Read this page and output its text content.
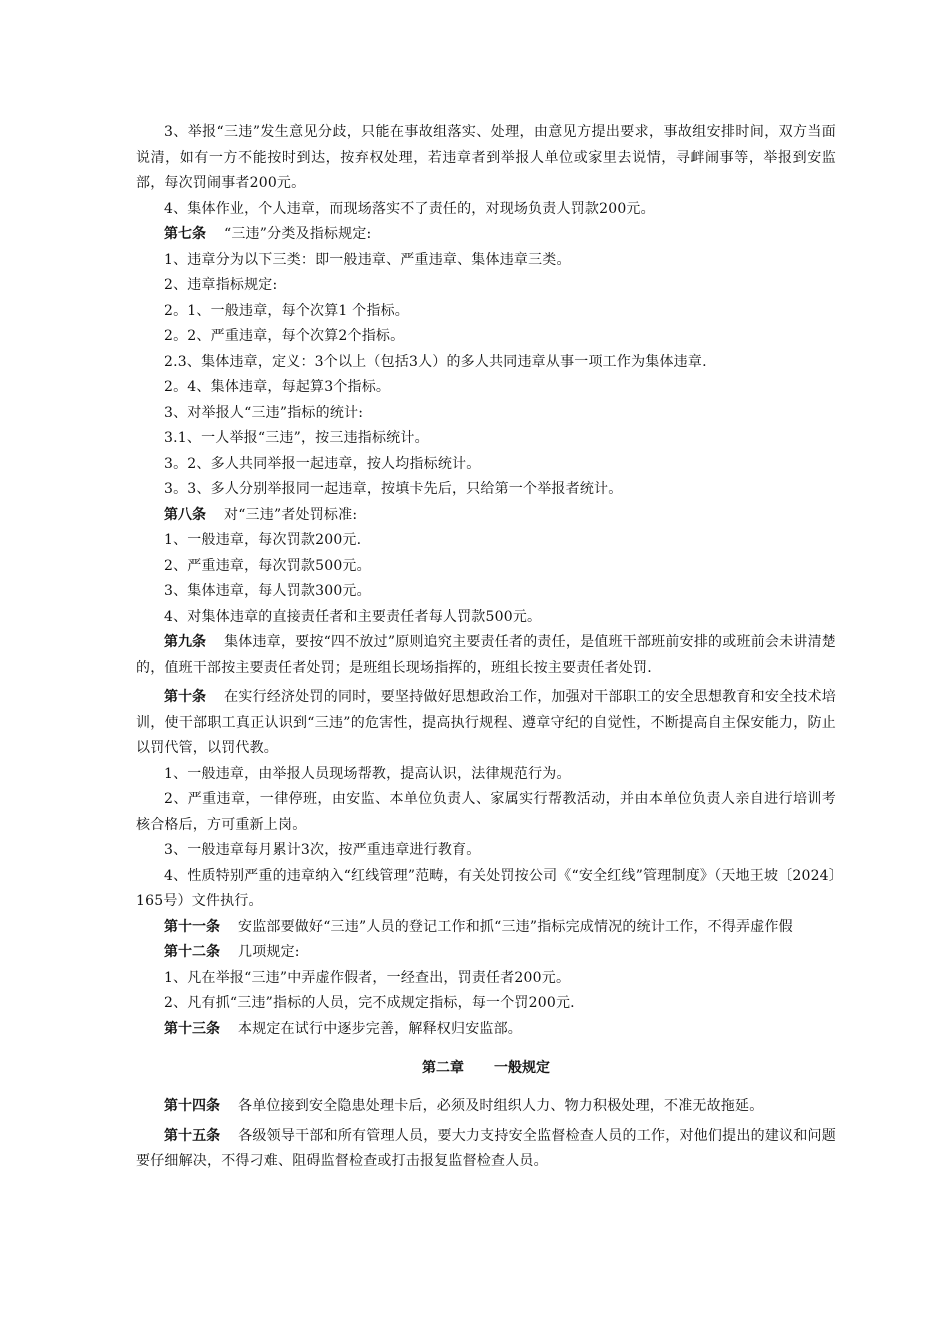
3、举报“三违”发生意见分歧，只能在事故组落实、处理，由意见方提出要求，事故组安排时间，双方当面说清，如有一方不能按时到达，按弃权处理，若违章者到举报人单位或家里去说情，寻衅闹事等，举报到安监部，每次罚闹事者200元。

4、集体作业，个人违章，而现场落实不了责任的，对现场负责人罚款200元。

第七条 “三违”分类及指标规定:

1、违章分为以下三类：即一般违章、严重违章、集体违章三类。

2、违章指标规定:

2。1、一般违章，每个次算1 个指标。

2。2、严重违章，每个次算2个指标。

2.3、集体违章，定义：3个以上（包括3人）的多人共同违章从事一项工作为集体违章.

2。4、集体违章，每起算3个指标。

3、对举报人“三违”指标的统计:

3.1、一人举报“三违”，按三违指标统计。

3。2、多人共同举报一起违章，按人均指标统计。

3。3、多人分别举报同一起违章，按填卡先后，只给第一个举报者统计。

第八条 对“三违”者处罚标准:

1、一般违章，每次罚款200元.

2、严重违章，每次罚款500元。

3、集体违章，每人罚款300元。

4、对集体违章的直接责任者和主要责任者每人罚款500元。

第九条 集体违章，要按“四不放过”原则追究主要责任者的责任，是值班干部班前安排的或班前会未讲清楚的，值班干部按主要责任者处罚；是班组长现场指挥的，班组长按主要责任者处罚.

第十条 在实行经济处罚的同时，要坚持做好思想政治工作，加强对干部职工的安全思想教育和安全技术培训，使干部职工真正认识到“三违”的危害性，提高执行规程、遵章守纪的自觉性，不断提高自主保安能力，防止以罚代管，以罚代教。

1、一般违章，由举报人员现场帮教，提高认识，法律规范行为。

2、严重违章，一律停班，由安监、本单位负责人、家属实行帮教活动，并由本单位负责人亲自进行培训考核合格后，方可重新上岗。

3、一般违章每月累计3次，按严重违章进行教育。

4、性质特别严重的违章纳入“红线管理”范畴，有关处罚按公司《“安全红线”管理制度》（天地王坡〔2024〕165号）文件执行。

第十一条 安监部要做好“三违”人员的登记工作和抓“三违”指标完成情况的统计工作，不得弄虚作假

第十二条 几项规定:

1、凡在举报“三违”中弄虚作假者，一经查出，罚责任者200元。

2、凡有抓“三违”指标的人员，完不成规定指标，每一个罚200元.

第十三条 本规定在试行中逐步完善，解释权归安监部。

第二章 一般规定

第十四条 各单位接到安全隐患处理卡后，必须及时组织人力、物力积极处理，不准无故拖延。

第十五条 各级领导干部和所有管理人员，要大力支持安全监督检查人员的工作，对他们提出的建议和问题要仔细解决，不得刁难、阻碍监督检查或打击报复监督检查人员。
